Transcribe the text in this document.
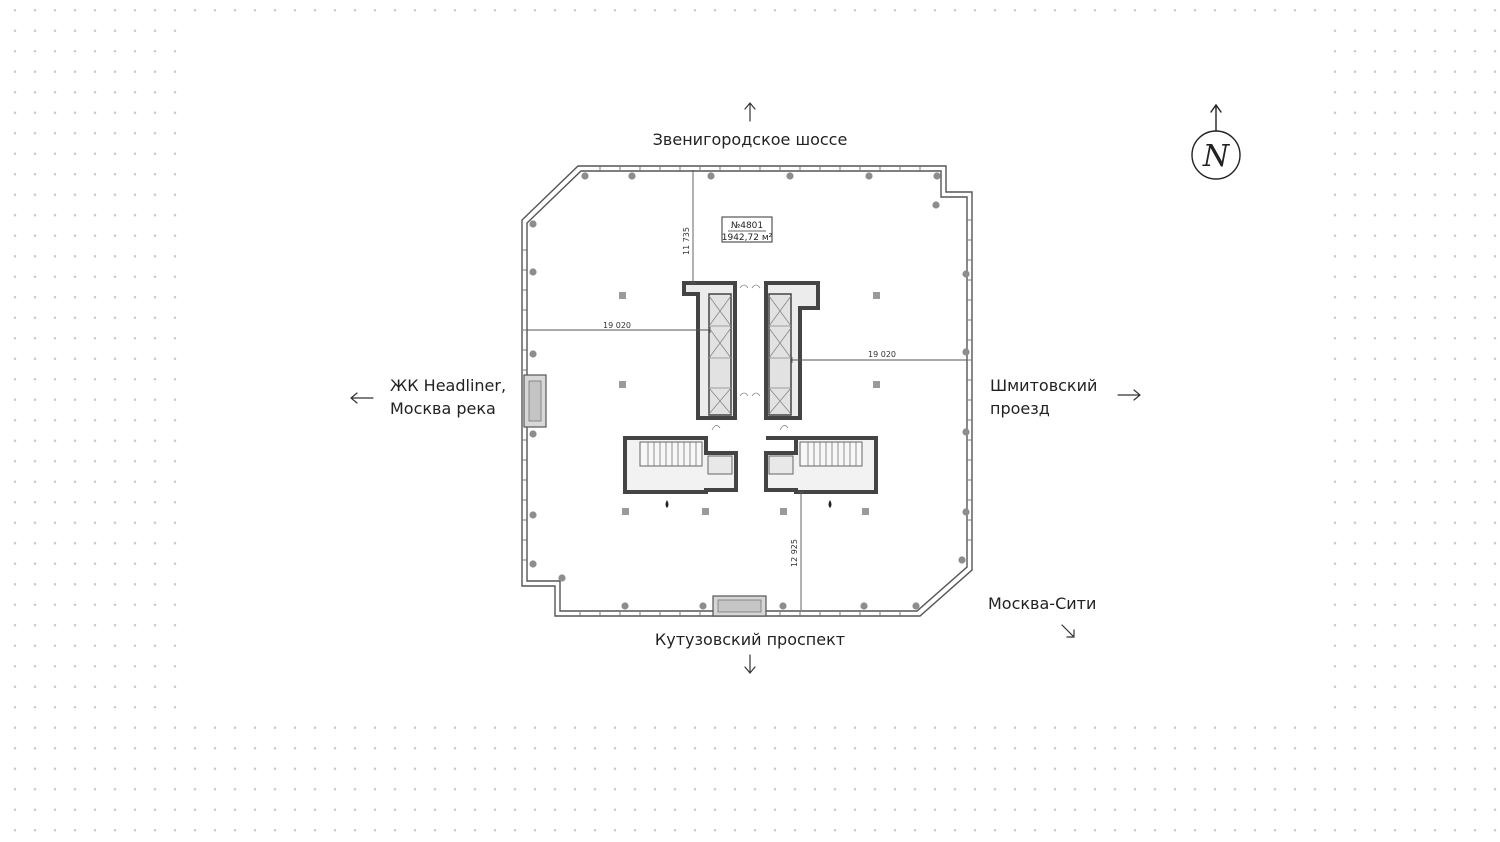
11 735
19 020
19 020
12 925
№4801
1942,72 м²
N
Звенигородское шоссе
Кутузовский проспект
ЖК Headliner,
Москва река
Шмитовский
проезд
Москва-Сити
